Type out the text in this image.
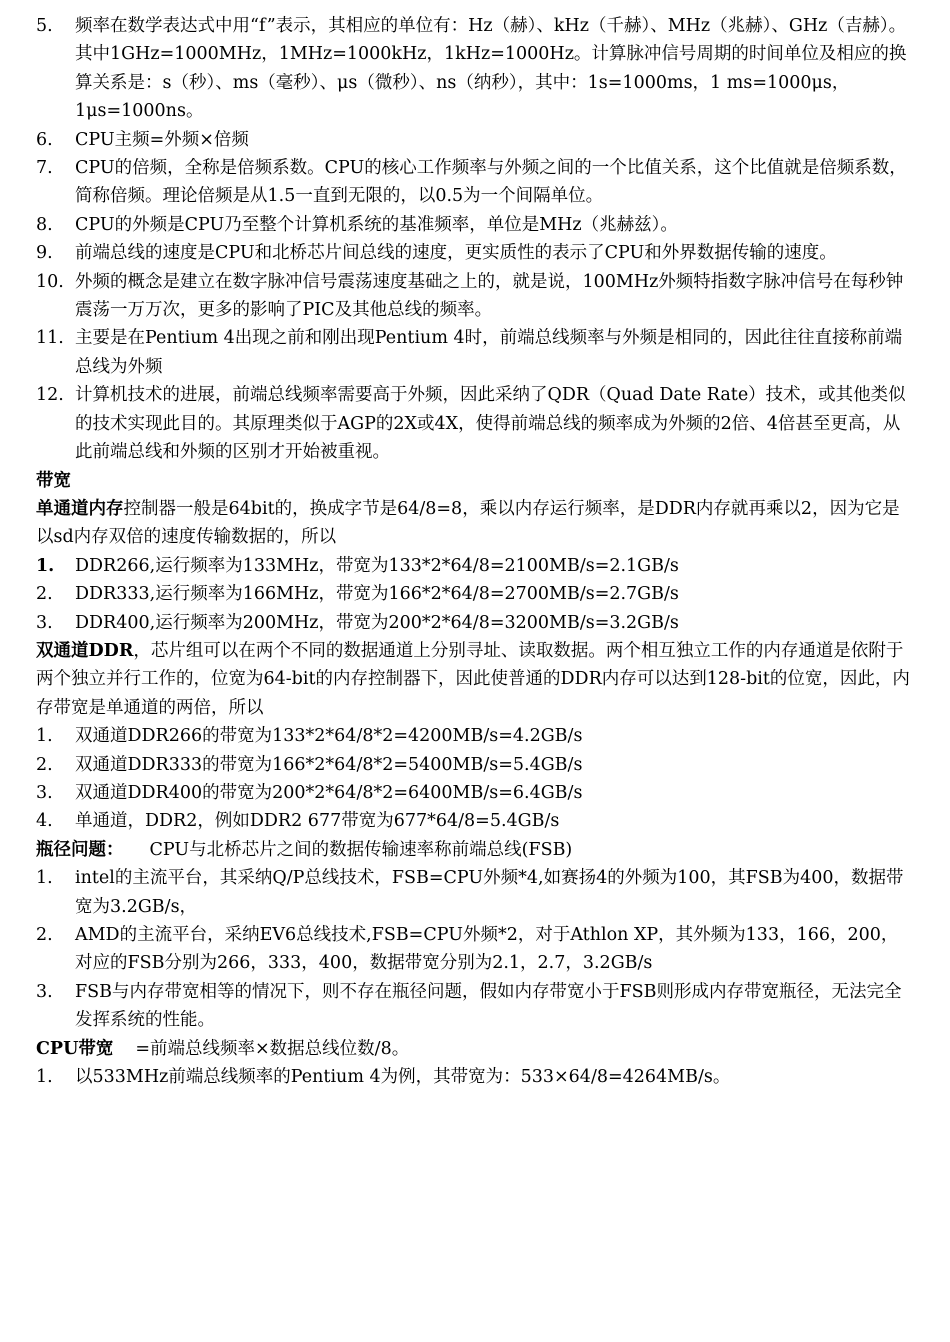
5.	频率在数学表达式中用“f”表示，其相应的单位有：Hz（赫）、kHz（千赫）、MHz（兆赫）、GHz（吉赫）。其中1GHz=1000MHz，1MHz=1000kHz，1kHz=1000Hz。计算脉冲信号周期的时间单位及相应的换算关系是：s（秒）、ms（毫秒）、μs（微秒）、ns（纳秒），其中：1s=1000ms，1 ms=1000μs，1μs=1000ns。
6.	CPU主频=外频×倍频
7.	CPU的倍频，全称是倍频系数。CPU的核心工作频率与外频之间的一个比值关系，这个比值就是倍频系数，简称倍频。理论倍频是从1.5一直到无限的，以0.5为一个间隔单位。
8.	CPU的外频是CPU乃至整个计算机系统的基准频率，单位是MHz（兆赫兹）。
9.	前端总线的速度是CPU和北桥芯片间总线的速度，更实质性的表示了CPU和外界数据传输的速度。
10. 外频的概念是建立在数字脉冲信号震荡速度基础之上的，就是说，100MHz外频特指数字脉冲信号在每秒钟震荡一万万次，更多的影响了PIC及其他总线的频率。
11. 主要是在Pentium 4出现之前和刚出现Pentium 4时，前端总线频率与外频是相同的，因此往往直接称前端总线为外频
12. 计算机技术的进展，前端总线频率需要高于外频，因此采纳了QDR（Quad Date Rate）技术，或其他类似的技术实现此目的。其原理类似于AGP的2X或4X，使得前端总线的频率成为外频的2倍、4倍甚至更高，从此前端总线和外频的区别才开始被重视。
带宽
单通道内存控制器一般是64bit的，换成字节是64/8=8，乘以内存运行频率，是DDR内存就再乘以2，因为它是以sd内存双倍的速度传输数据的，所以
1.	DDR266,运行频率为133MHz，带宽为133*2*64/8=2100MB/s=2.1GB/s
2.	DDR333,运行频率为166MHz，带宽为166*2*64/8=2700MB/s=2.7GB/s
3.	DDR400,运行频率为200MHz，带宽为200*2*64/8=3200MB/s=3.2GB/s
双通道DDR，芯片组可以在两个不同的数据通道上分别寻址、读取数据。两个相互独立工作的内存通道是依附于两个独立并行工作的，位宽为64-bit的内存控制器下，因此使普通的DDR内存可以达到128-bit的位宽，因此，内存带宽是单通道的两倍，所以
1.	双通道DDR266的带宽为133*2*64/8*2=4200MB/s=4.2GB/s
2.	双通道DDR333的带宽为166*2*64/8*2=5400MB/s=5.4GB/s
3.	双通道DDR400的带宽为200*2*64/8*2=6400MB/s=6.4GB/s
4.	单通道，DDR2，例如DDR2 677带宽为677*64/8=5.4GB/s
瓶径问题： CPU与北桥芯片之间的数据传输速率称前端总线(FSB)
1.	intel的主流平台，其采纳Q/P总线技术，FSB=CPU外频*4,如赛扬4的外频为100，其FSB为400，数据带宽为3.2GB/s，
2.	AMD的主流平台，采纳EV6总线技术,FSB=CPU外频*2，对于Athlon XP，其外频为133，166，200，对应的FSB分别为266，333，400，数据带宽分别为2.1，2.7，3.2GB/s
3.	FSB与内存带宽相等的情况下，则不存在瓶径问题，假如内存带宽小于FSB则形成内存带宽瓶径，无法完全发挥系统的性能。
CPU带宽 =前端总线频率×数据总线位数/8。
1.	以533MHz前端总线频率的Pentium 4为例，其带宽为：533×64/8=4264MB/s。
